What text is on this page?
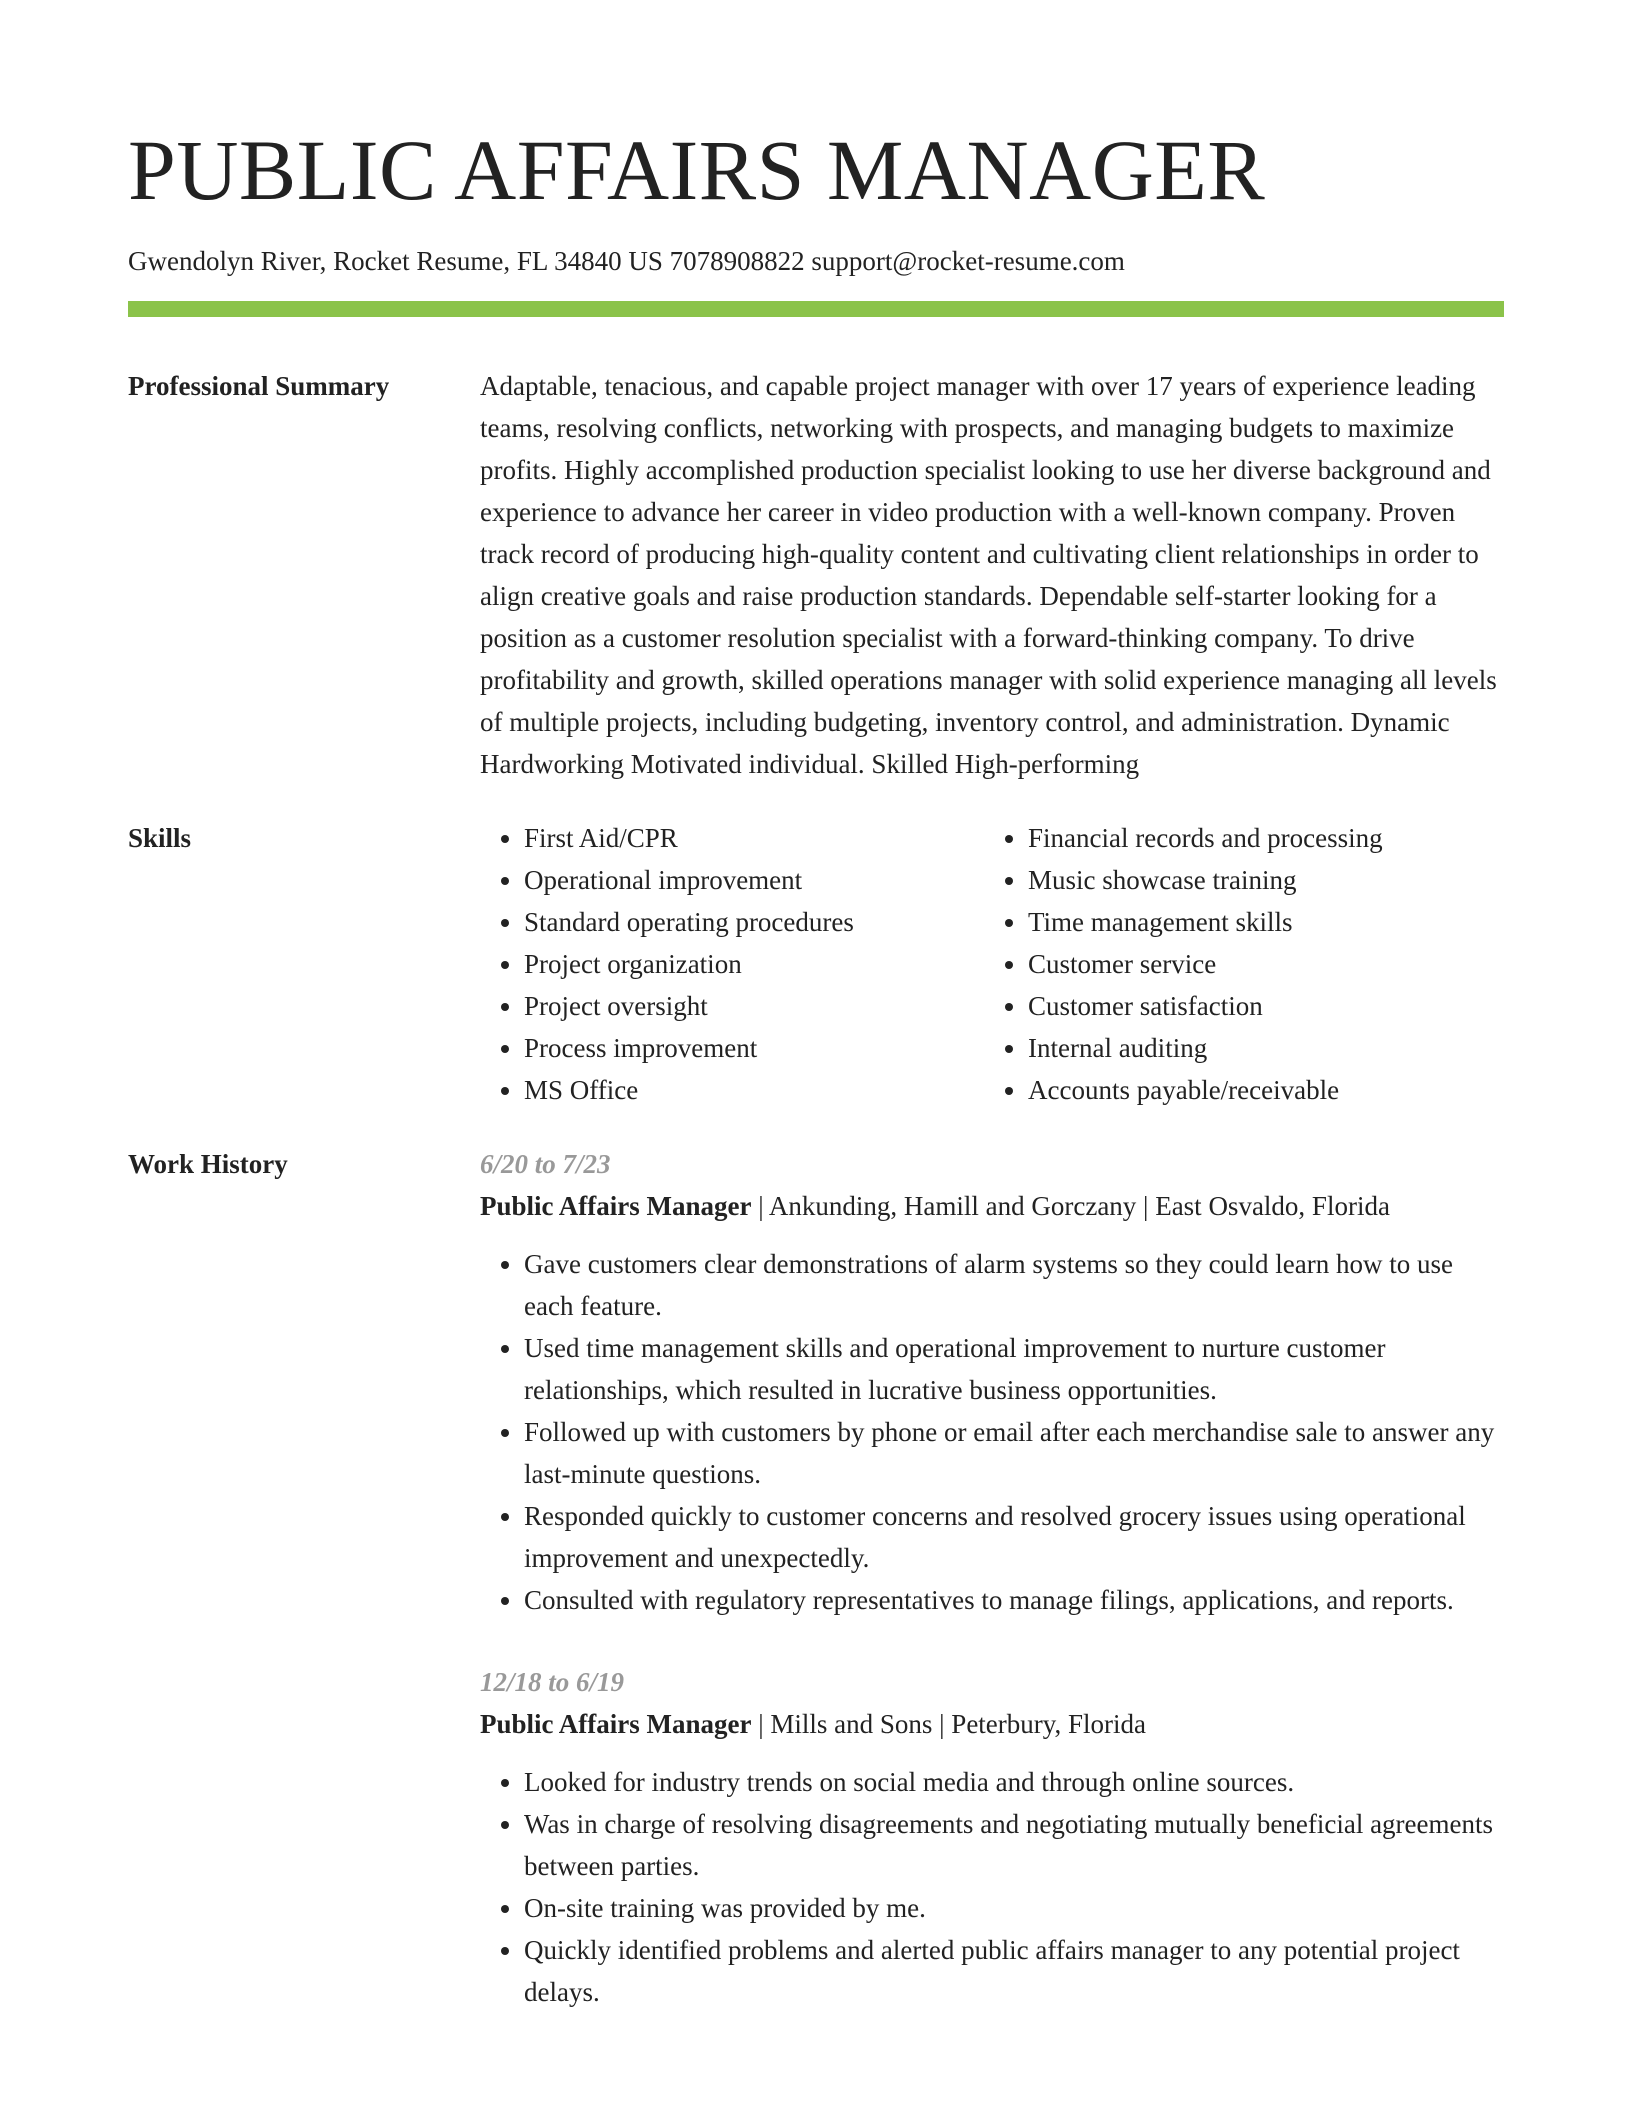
PUBLIC AFFAIRS MANAGER
Gwendolyn River, Rocket Resume, FL 34840 US 7078908822 support@rocket-resume.com
Professional Summary	Adaptable, tenacious, and capable project manager with over 17 years of experience leading teams, resolving conflicts, networking with prospects, and managing budgets to maximize profits. Highly accomplished production specialist looking to use her diverse background and experience to advance her career in video production with a well-known company. Proven track record of producing high-quality content and cultivating client relationships in order to align creative goals and raise production standards. Dependable self-starter looking for a position as a customer resolution specialist with a forward-thinking company. To drive profitability and growth, skilled operations manager with solid experience managing all levels of multiple projects, including budgeting, inventory control, and administration. Dynamic Hardworking Motivated individual. Skilled High-performing

Skills
•	First Aid/CPR
• Operational improvement
• Standard operating procedures
• Project organization
• Project oversight
• Process improvement
• MS Office
• Financial records and processing
• Music showcase training
• Time management skills
• Customer service
• Customer satisfaction
• Internal auditing
• Accounts payable/receivable
Work History	6/20 to 7/23
Public Affairs Manager | Ankunding, Hamill and Gorczany | East Osvaldo, Florida
• Gave customers clear demonstrations of alarm systems so they could learn how to use each feature.
• Used time management skills and operational improvement to nurture customer relationships, which resulted in lucrative business opportunities.
• Followed up with customers by phone or email after each merchandise sale to answer any last-minute questions.
• Responded quickly to customer concerns and resolved grocery issues using operational improvement and unexpectedly.
• Consulted with regulatory representatives to manage filings, applications, and reports.
12/18 to 6/19
Public Affairs Manager | Mills and Sons | Peterbury, Florida
• Looked for industry trends on social media and through online sources.
• Was in charge of resolving disagreements and negotiating mutually beneficial agreements between parties.
• On-site training was provided by me.
• Quickly identified problems and alerted public affairs manager to any potential project delays.
